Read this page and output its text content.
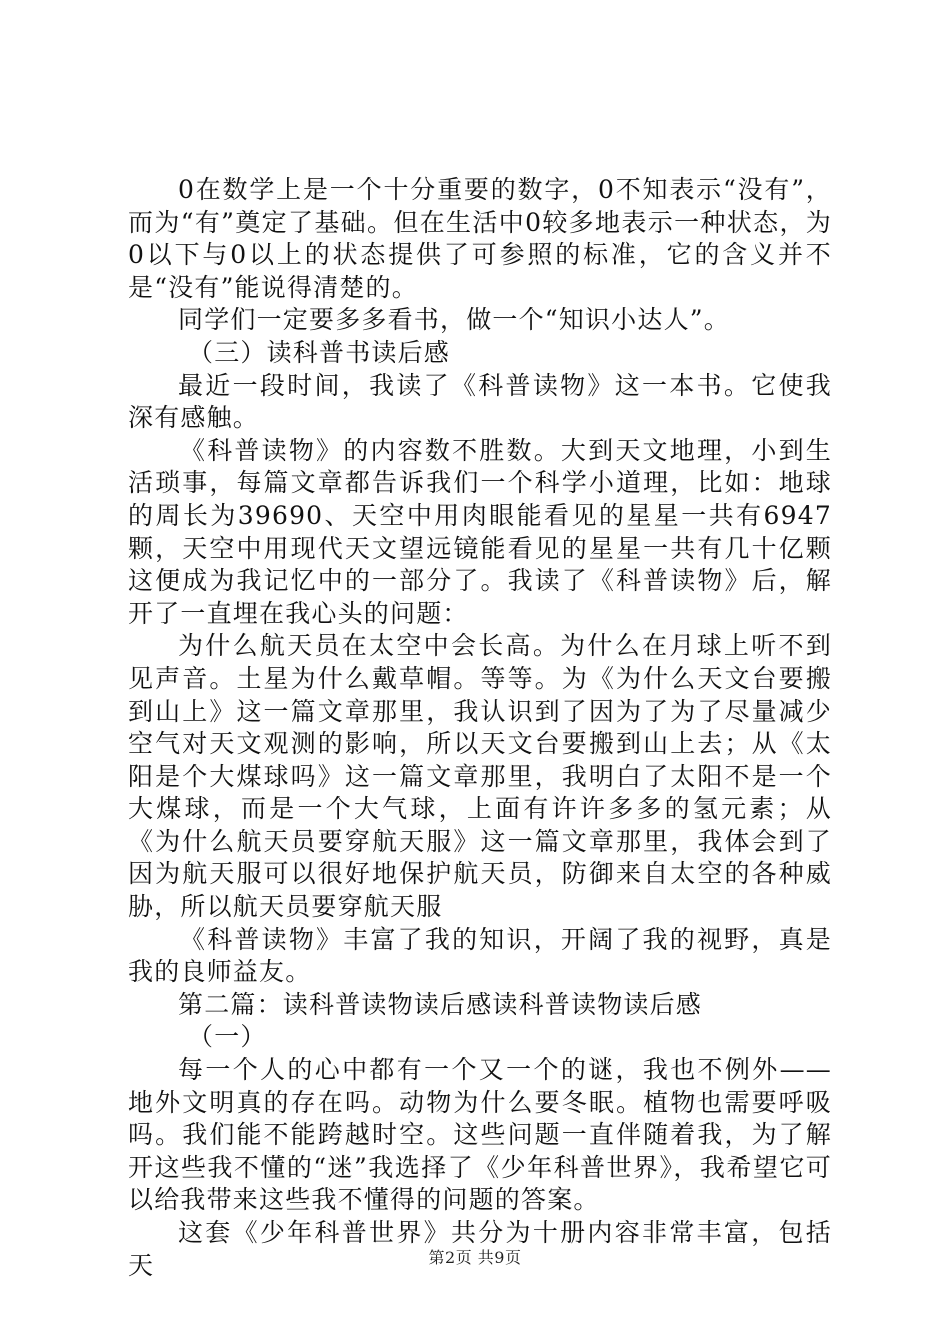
0在数学上是一个十分重要的数字，0不知表示“没有”，而为“有”奠定了基础。但在生活中0较多地表示一种状态，为0以下与0以上的状态提供了可参照的标准，它的含义并不是“没有”能说得清楚的。

同学们一定要多多看书，做一个“知识小达人”。

（三）读科普书读后感

最近一段时间，我读了《科普读物》这一本书。它使我深有感触。

《科普读物》的内容数不胜数。大到天文地理，小到生活琐事，每篇文章都告诉我们一个科学小道理，比如：地球的周长为39690、天空中用肉眼能看见的星星一共有6947颗，天空中用现代天文望远镜能看见的星星一共有几十亿颗这便成为我记忆中的一部分了。我读了《科普读物》后，解开了一直埋在我心头的问题：

为什么航天员在太空中会长高。为什么在月球上听不到见声音。土星为什么戴草帽。等等。为《为什么天文台要搬到山上》这一篇文章那里，我认识到了因为了为了尽量减少空气对天文观测的影响，所以天文台要搬到山上去；从《太阳是个大煤球吗》这一篇文章那里，我明白了太阳不是一个大煤球，而是一个大气球，上面有许许多多的氢元素；从《为什么航天员要穿航天服》这一篇文章那里，我体会到了因为航天服可以很好地保护航天员，防御来自太空的各种威胁，所以航天员要穿航天服

《科普读物》丰富了我的知识，开阔了我的视野，真是我的良师益友。

第二篇：读科普读物读后感读科普读物读后感

（一）

每一个人的心中都有一个又一个的谜，我也不例外——地外文明真的存在吗。动物为什么要冬眠。植物也需要呼吸吗。我们能不能跨越时空。这些问题一直伴随着我，为了解开这些我不懂的“迷”我选择了《少年科普世界》，我希望它可以给我带来这些我不懂得的问题的答案。

这套《少年科普世界》共分为十册内容非常丰富，包括天	第2页 共9页
